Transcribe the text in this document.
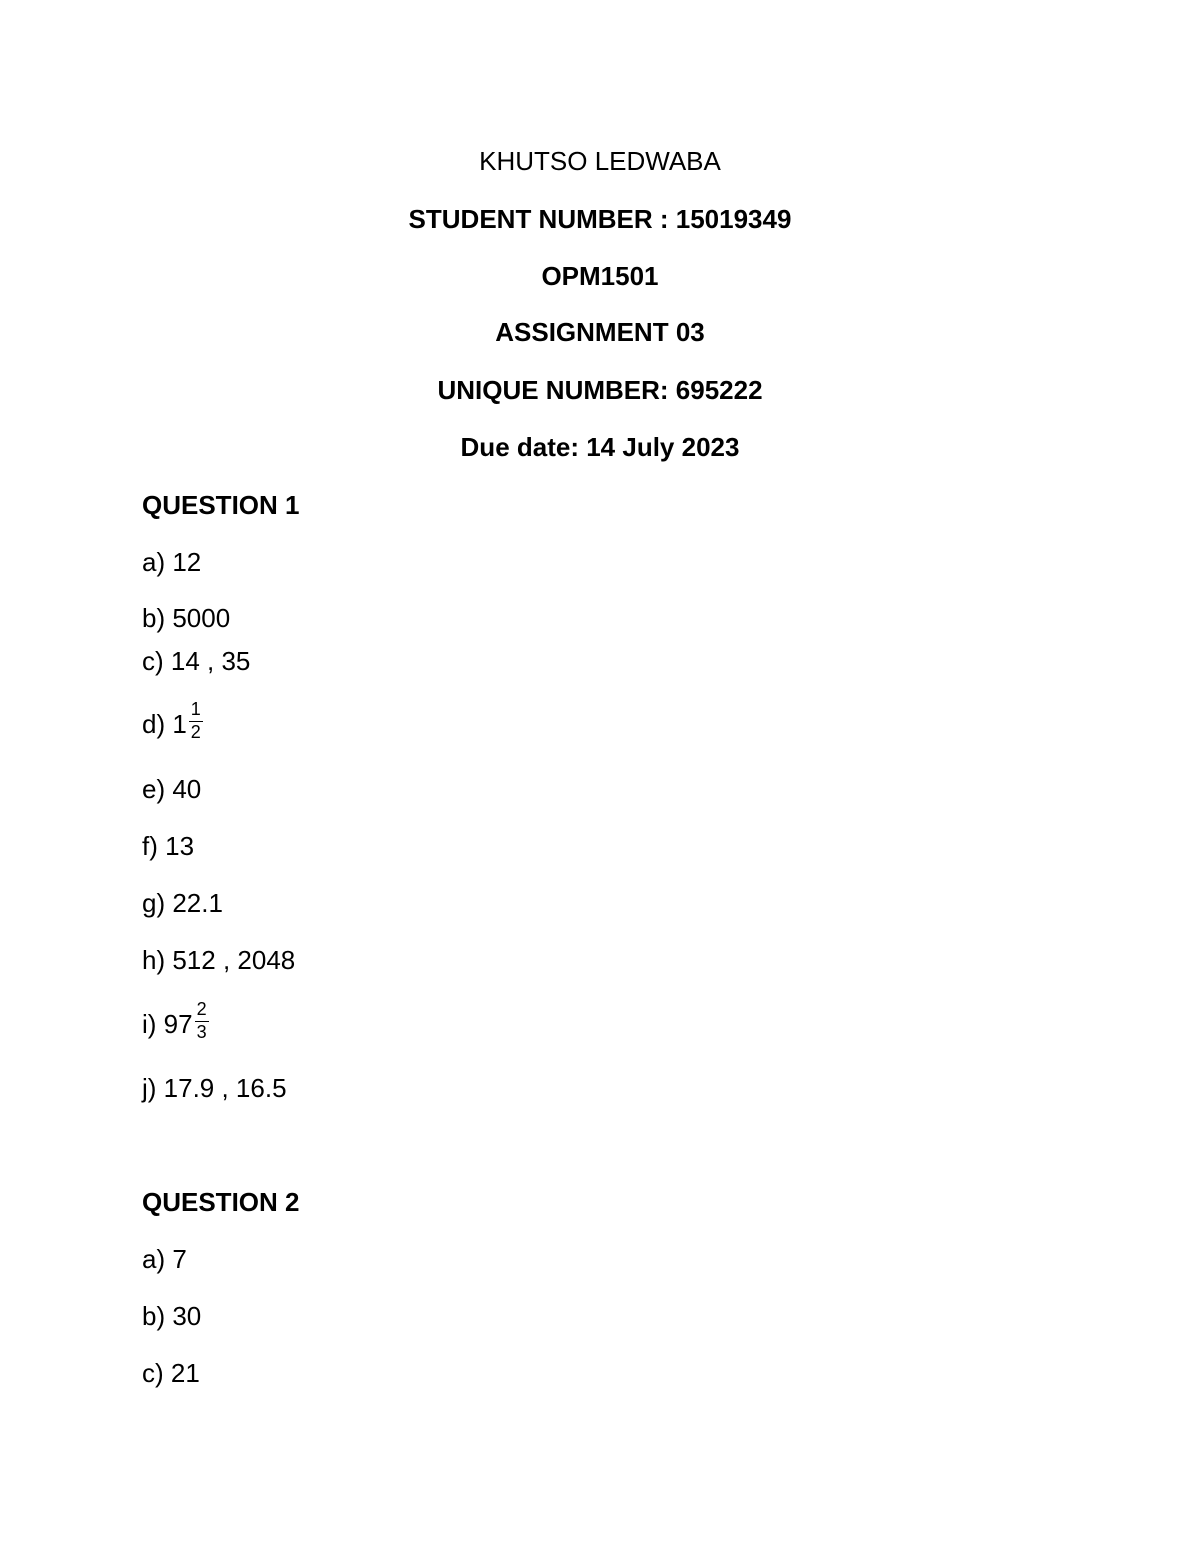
KHUTSO LEDWABA
STUDENT NUMBER : 15019349
OPM1501
ASSIGNMENT 03
UNIQUE NUMBER: 695222
Due date: 14 July 2023
QUESTION 1
a) 12
b) 5000
c) 14 , 35
d) $1 \frac{1}{2}$
e) 40
f) 13
g) 22.1
h) 512 , 2048
i) $97 \frac{2}{3}$
j) 17.9 , 16.5
QUESTION 2
a) 7
b) 30
c) 21
